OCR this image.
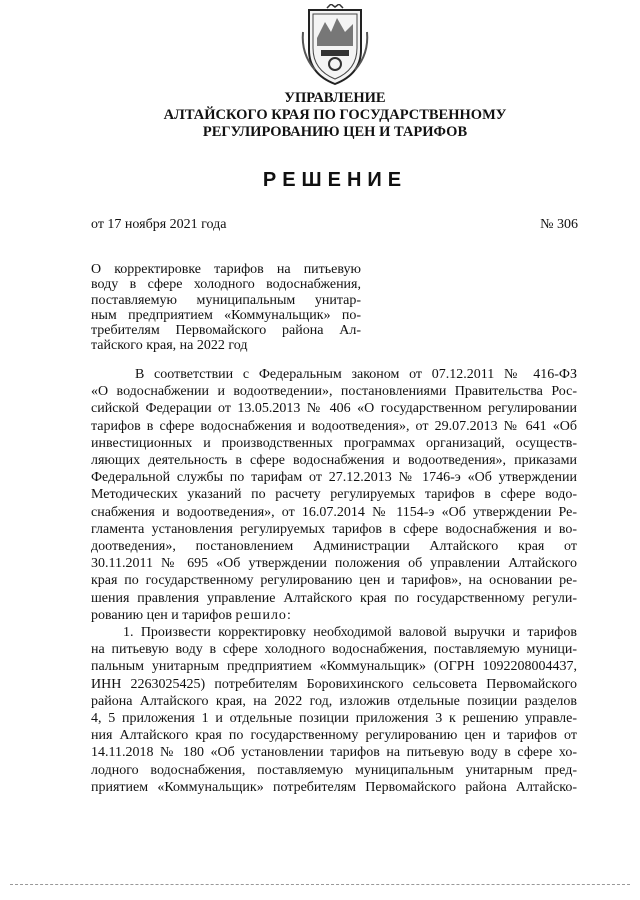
УПРАВЛЕНИЕ
АЛТАЙСКОГО КРАЯ ПО ГОСУДАРСТВЕННОМУ
РЕГУЛИРОВАНИЮ ЦЕН И ТАРИФОВ
РЕШЕНИЕ
от 17 ноября 2021 года	№ 306
О корректировке тарифов на питьевую
воду в сфере холодного водоснабжения,
поставляемую муниципальным унитар-
ным предприятием «Коммунальщик» по-
требителям Первомайского района Ал-
тайского края, на 2022 год
В соответствии с Федеральным законом от 07.12.2011 № 416-ФЗ
«О водоснабжении и водоотведении», постановлениями Правительства Рос-
сийской Федерации от 13.05.2013 № 406 «О государственном регулировании
тарифов в сфере водоснабжения и водоотведения», от 29.07.2013 № 641 «Об
инвестиционных и производственных программах организаций, осуществ-
ляющих деятельность в сфере водоснабжения и водоотведения», приказами
Федеральной службы по тарифам от 27.12.2013 № 1746-э «Об утверждении
Методических указаний по расчету регулируемых тарифов в сфере водо-
снабжения и водоотведения», от 16.07.2014 № 1154-э «Об утверждении Ре-
гламента установления регулируемых тарифов в сфере водоснабжения и во-
доотведения», постановлением Администрации Алтайского края от
30.11.2011 № 695 «Об утверждении положения об управлении Алтайского
края по государственному регулированию цен и тарифов», на основании ре-
шения правления управление Алтайского края по государственному регули-
рованию цен и тарифов решило:
1. Произвести корректировку необходимой валовой выручки и тарифов
на питьевую воду в сфере холодного водоснабжения, поставляемую муници-
пальным унитарным предприятием «Коммунальщик» (ОГРН 1092208004437,
ИНН 2263025425) потребителям Боровихинского сельсовета Первомайского
района Алтайского края, на 2022 год, изложив отдельные позиции разделов
4, 5 приложения 1 и отдельные позиции приложения 3 к решению управле-
ния Алтайского края по государственному регулированию цен и тарифов от
14.11.2018 № 180 «Об установлении тарифов на питьевую воду в сфере хо-
лодного водоснабжения, поставляемую муниципальным унитарным пред-
приятием «Коммунальщик» потребителям Первомайского района Алтайско-
